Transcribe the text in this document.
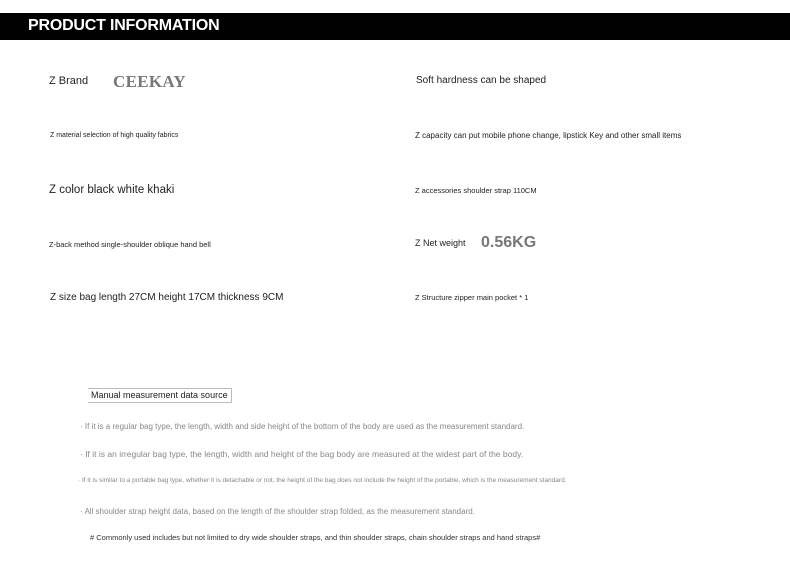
PRODUCT INFORMATION
Z Brand CEEKAY
Z material selection of high quality fabrics
Z color black white khaki
Z-back method single-shoulder oblique hand bell
Z size bag length 27CM height 17CM thickness 9CM
Soft hardness can be shaped
Z capacity can put mobile phone change, lipstick Key and other small items
Z accessories shoulder strap 110CM
Z Net weight 0.56KG
Z Structure zipper main pocket * 1
Manual measurement data source
· If it is a regular bag type, the length, width and side height of the bottom of the body are used as the measurement standard.
· If it is an irregular bag type, the length, width and height of the bag body are measured at the widest part of the body.
· If it is similar to a portable bag type, whether it is detachable or not, the height of the bag does not include the height of the portable, which is the measurement standard.
· All shoulder strap height data, based on the length of the shoulder strap folded, as the measurement standard.
# Commonly used includes but not limited to dry wide shoulder straps, and thin shoulder straps, chain shoulder straps and hand straps#
